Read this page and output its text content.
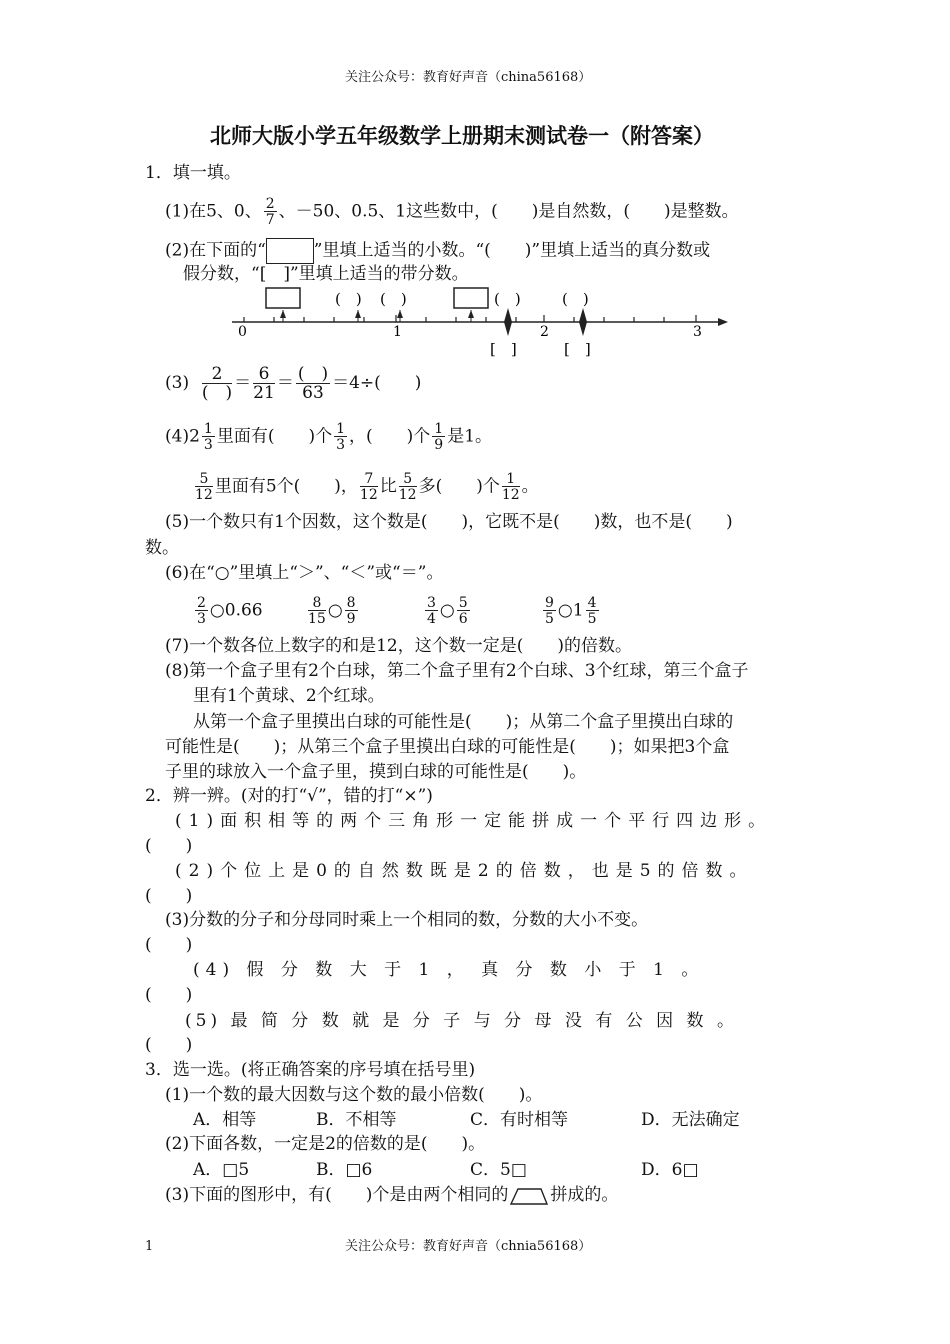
关注公众号：教育好声音（china56168）
北师大版小学五年级数学上册期末测试卷一（附答案）
1．填一填。
(1)在5、0、 $\frac{2}{7}$ 、－50、0.5、1这些数中，(　　)是自然数，(　　)是整数。
(2)在下面的“	”里填上适当的小数。“(　　)”里填上适当的真分数或
假分数，“[　]”里填上适当的带分数。
(　) (　)	(　)	(　)
0	1	2	3
[　]	[　]
(3)	2
(　) ＝ $\frac{6}{21}$ ＝ (　)
63 ＝4÷(　　)
$(4)2 \frac{1}{3}$ 里面有(　　)个 $\frac{1}{3}$ ，(　　)个 $\frac{1}{9}$ 是1。
$\frac{5}{12}$ 里面有5个(　　)， $\frac{7}{12}$ 比 $\frac{5}{12}$ 多(　　)个 $\frac{1}{12}$ 。
(5)一个数只有1个因数，这个数是(　　)，它既不是(　　)数，也不是(　　)
数。
(6)在“○”里填上“＞”、“＜”或“＝”。
$\frac{2}{3}$ ○0.66	$\frac{8}{15}$ ○ $\frac{8}{9}$	$\frac{3}{4}$ ○ $\frac{5}{6}$	$\frac{9}{5}$ ○1 $\frac{4}{5}$
(7)一个数各位上数字的和是12，这个数一定是(　　)的倍数。
(8)第一个盒子里有2个白球，第二个盒子里有2个白球、3个红球，第三个盒子
里有1个黄球、2个红球。
从第一个盒子里摸出白球的可能性是(　　)；从第二个盒子里摸出白球的
可能性是(　　)；从第三个盒子里摸出白球的可能性是(　　)；如果把3个盒
子里的球放入一个盒子里，摸到白球的可能性是(　　)。
2．辨一辨。(对的打“√”，错的打“×”)
(1)面积相等的两个三角形一定能拼成一个平行四边形。
(　　)
(2)个位上是0的自然数既是2的倍数，也是5的倍数。
(　　)
(3)分数的分子和分母同时乘上一个相同的数，分数的大小不变。
(　　)
(4) 假 分 数 大 于 1 ， 真 分 数 小 于 1 。
(　　)
(5) 最 简 分 数 就 是 分 子 与 分 母 没 有 公 因 数 。
(　　)
3．选一选。(将正确答案的序号填在括号里)
(1)一个数的最大因数与这个数的最小倍数(　　)。
A．相等	B．不相等	C．有时相等	D．无法确定
(2)下面各数，一定是2的倍数的是(　　)。
A．□5	B．□6	C．5□	D．6□
(3)下面的图形中，有(　　)个是由两个相同的 拼成的。
1	关注公众号：教育好声音（chnia56168）
